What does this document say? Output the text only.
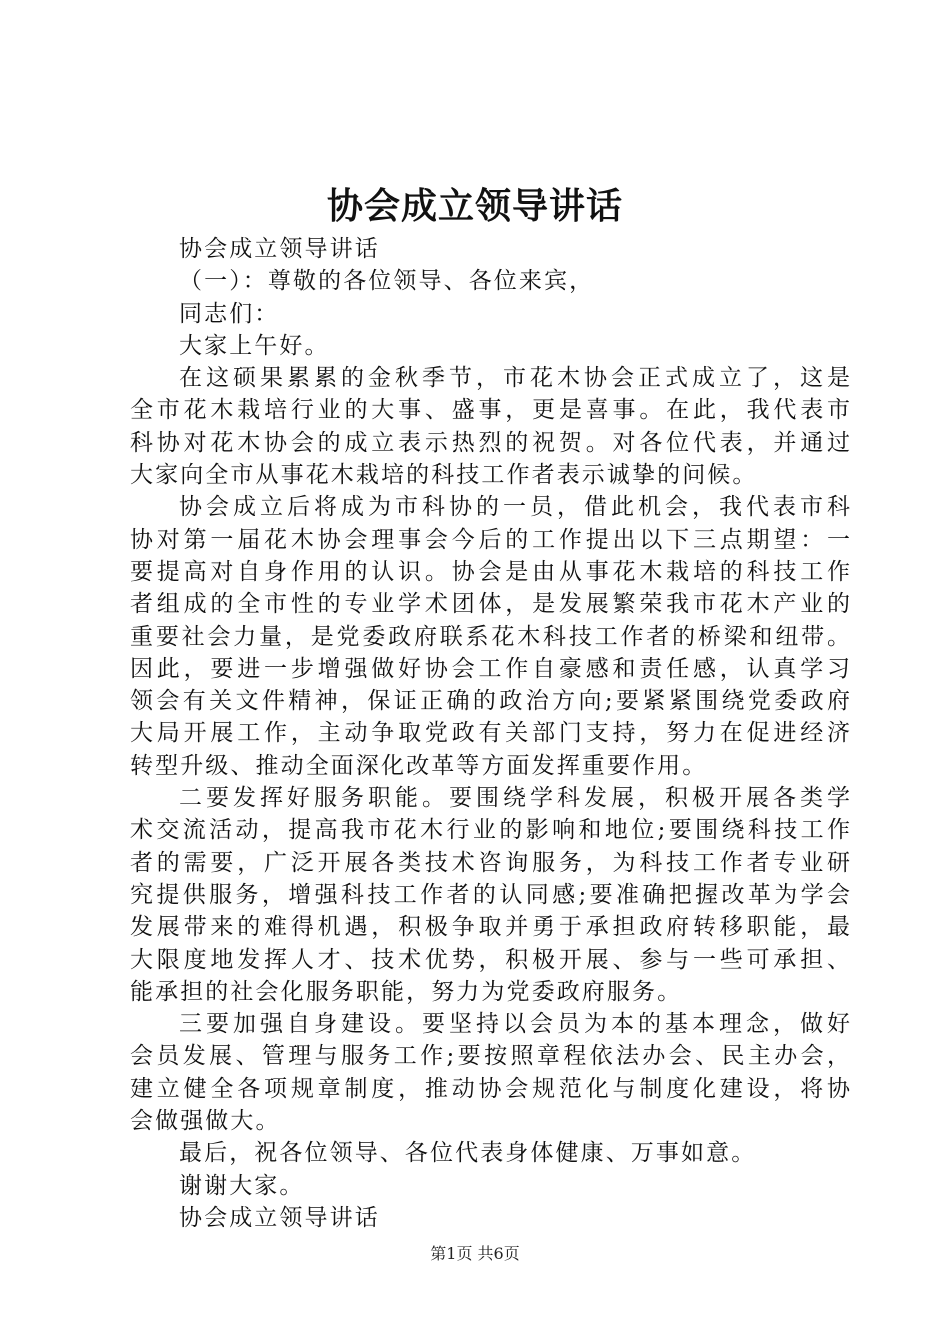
协会成立领导讲话
协会成立领导讲话
（一）：尊敬的各位领导、各位来宾，
同志们：
大家上午好。
在这硕果累累的金秋季节，市花木协会正式成立了，这是
全市花木栽培行业的大事、盛事，更是喜事。在此，我代表市
科协对花木协会的成立表示热烈的祝贺。对各位代表，并通过
大家向全市从事花木栽培的科技工作者表示诚挚的问候。
协会成立后将成为市科协的一员，借此机会，我代表市科
协对第一届花木协会理事会今后的工作提出以下三点期望：一
要提高对自身作用的认识。协会是由从事花木栽培的科技工作
者组成的全市性的专业学术团体，是发展繁荣我市花木产业的
重要社会力量，是党委政府联系花木科技工作者的桥梁和纽带。
因此，要进一步增强做好协会工作自豪感和责任感，认真学习
领会有关文件精神，保证正确的政治方向;要紧紧围绕党委政府
大局开展工作，主动争取党政有关部门支持，努力在促进经济
转型升级、推动全面深化改革等方面发挥重要作用。
二要发挥好服务职能。要围绕学科发展，积极开展各类学
术交流活动，提高我市花木行业的影响和地位;要围绕科技工作
者的需要，广泛开展各类技术咨询服务，为科技工作者专业研
究提供服务，增强科技工作者的认同感;要准确把握改革为学会
发展带来的难得机遇，积极争取并勇于承担政府转移职能，最
大限度地发挥人才、技术优势，积极开展、参与一些可承担、
能承担的社会化服务职能，努力为党委政府服务。
三要加强自身建设。要坚持以会员为本的基本理念，做好
会员发展、管理与服务工作;要按照章程依法办会、民主办会，
建立健全各项规章制度，推动协会规范化与制度化建设，将协
会做强做大。
最后，祝各位领导、各位代表身体健康、万事如意。
谢谢大家。
协会成立领导讲话
第1页 共6页
